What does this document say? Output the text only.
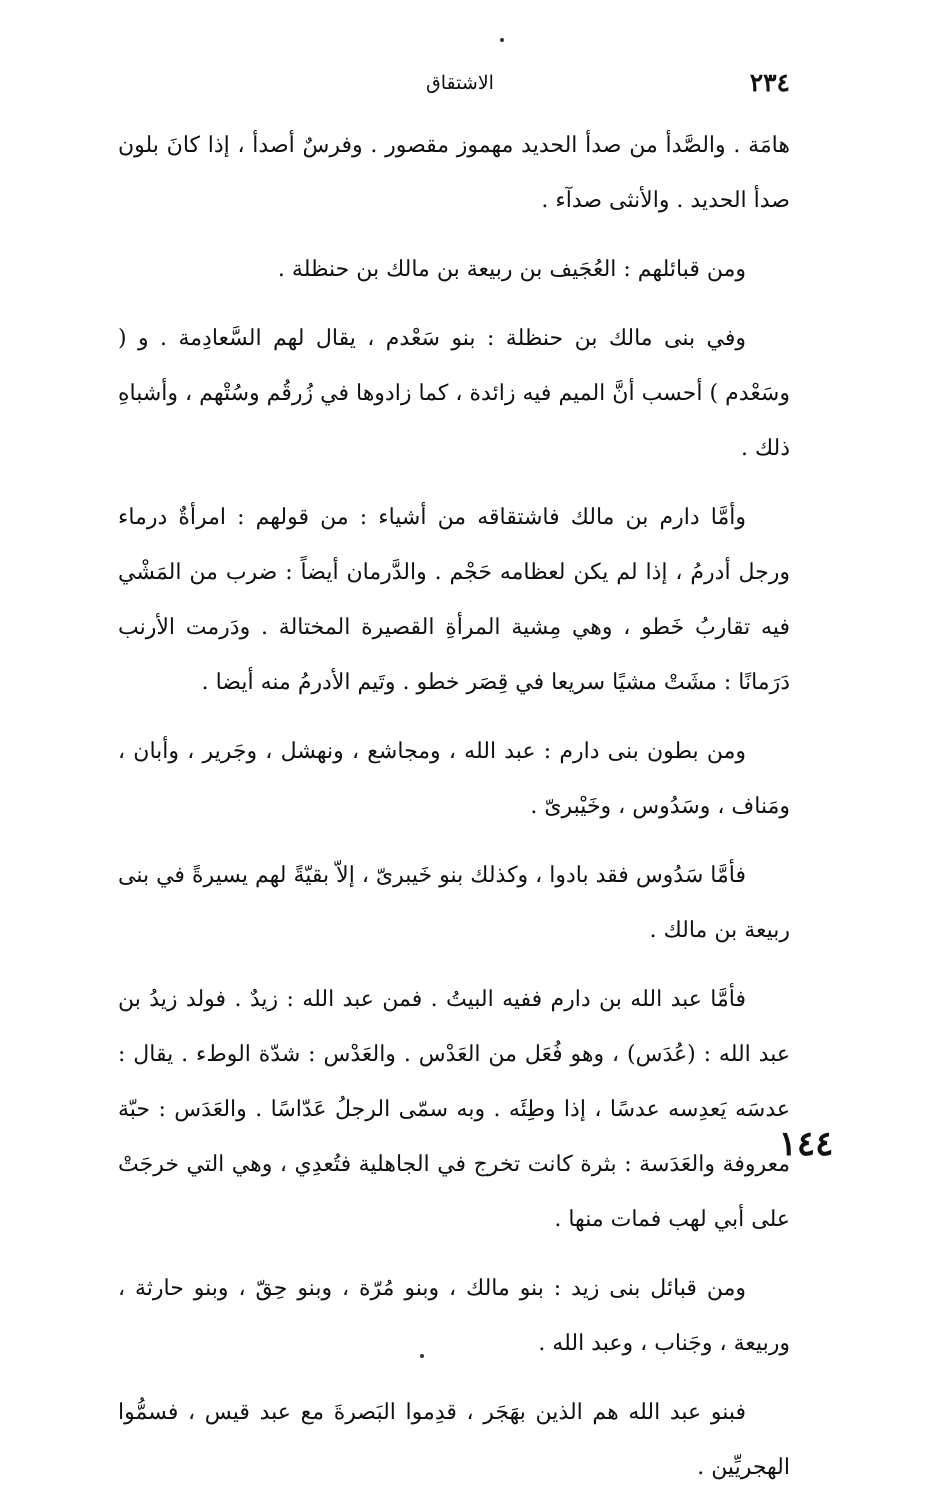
٢٣٤
الاشتقاق

هامَة . والصَّدأ من صدأ الحديد مهموز مقصور . وفرسٌ أصدأ ، إذا كانَ بلون صدأ الحديد . والأنثى صدآء .

ومن قبائلهم : العُجَيف بن ربيعة بن مالك بن حنظلة .

وفي بنى مالك بن حنظلة : بنو سَعْدم ، يقال لهم السَّعادِمة . و ( وسَعْدم ) أحسب أنَّ الميم فيه زائدة ، كما زادوها في زُرقُم وسُتْهم ، وأشباهِ ذلك .

وأمَّا دارم بن مالك فاشتقاقه من أشياء : من قولهم : امرأةٌ درماء ورجل أدرمُ ، إذا لم يكن لعظامه حَجْم . والدَّرمان أيضاً : ضرب من المَشْي فيه تقاربُ خَطو ، وهي مِشية المرأةِ القصيرة المختالة . ودَرمت الأرنب دَرَمانًا : مشَتْ مشيًا سريعا في قِصَر خطو . وتَيم الأدرمُ منه أيضا .

ومن بطون بنى دارم : عبد الله ، ومجاشع ، ونهشل ، وجَرير ، وأبان ، ومَناف ، وسَدُوس ، وخَيْبرىّ .

فأمَّا سَدُوس فقد بادوا ، وكذلك بنو خَيبرىّ ، إلاّ بقيّةً لهم يسيرةً في بنى ربيعة بن مالك .

فأمَّا عبد الله بن دارم ففيه البيتُ . فمن عبد الله : زيدٌ . فولد زيدُ بن عبد الله : (عُدَس) ، وهو فُعَل من العَدْس . والعَدْس : شدّة الوطء . يقال : عدسَه يَعدِسه عدسًا ، إذا وطِئَه . وبه سمّى الرجلُ عَدّاسًا . والعَدَس : حبّة معروفة والعَدَسة : بثرة كانت تخرج في الجاهلية فتُعدِي ، وهي التي خرجَتْ على أبي لهب فمات منها .

ومن قبائل بنى زيد : بنو مالك ، وبنو مُرّة ، وبنو حِقّ ، وبنو حارثة ، وربيعة ، وجَناب ، وعبد الله .

فبنو عبد الله هم الذين بهَجَر ، قدِموا البَصرةَ مع عبد قيس ، فسمُّوا الهجريِّين .

١٤٤
